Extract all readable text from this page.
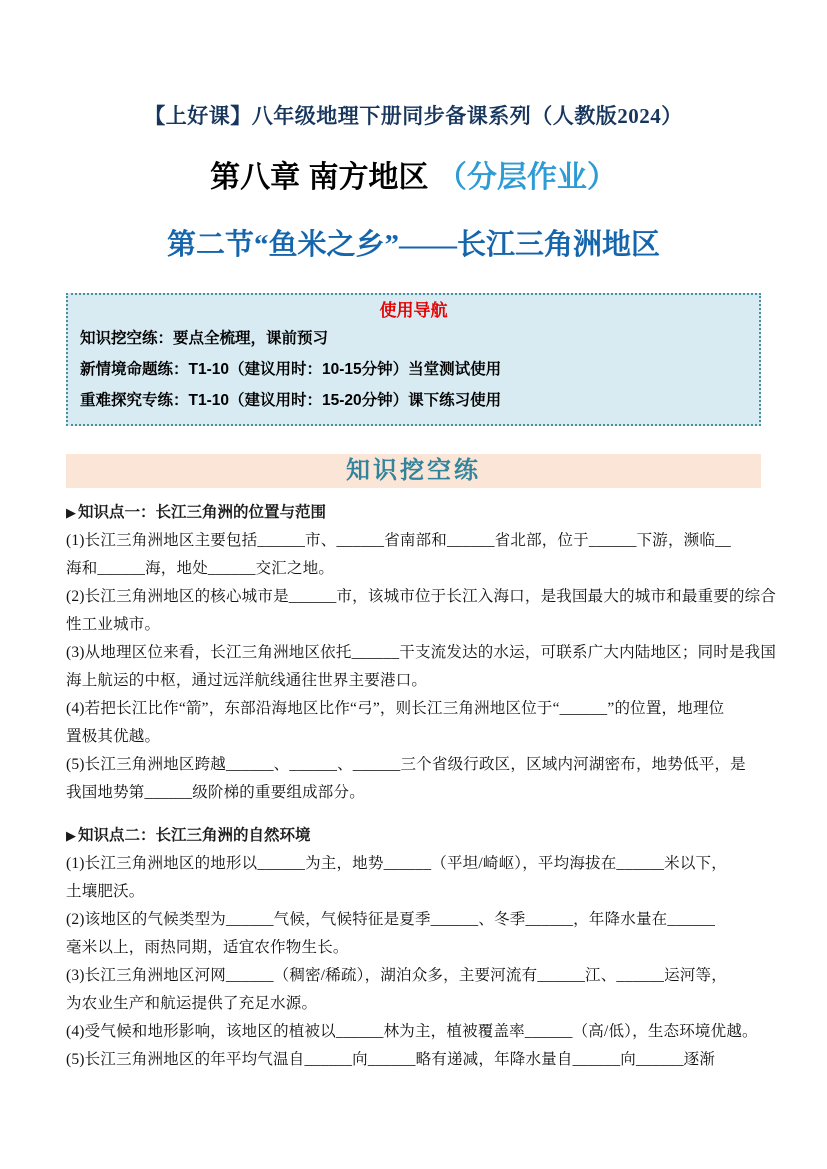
【上好课】八年级地理下册同步备课系列（人教版2024）
第八章 南方地区 （分层作业）
第二节“鱼米之乡”——长江三角洲地区
使用导航
知识挖空练：要点全梳理，课前预习
新情境命题练：T1-10（建议用时：10-15分钟）当堂测试使用
重难探究专练：T1-10（建议用时：15-20分钟）课下练习使用
知识挖空练
▶ 知识点一：长江三角洲的位置与范围
(1)长江三角洲地区主要包括______市、______省南部和______省北部，位于______下游，濒临__
海和______海，地处______交汇之地。
(2)长江三角洲地区的核心城市是______市，该城市位于长江入海口，是我国最大的城市和最重要的综合
性工业城市。
(3)从地理区位来看，长江三角洲地区依托______干支流发达的水运，可联系广大内陆地区；同时是我国
海上航运的中枢，通过远洋航线通往世界主要港口。
(4)若把长江比作“箭”，东部沿海地区比作“弓”，则长江三角洲地区位于“______”的位置，地理位
置极其优越。
(5)长江三角洲地区跨越______、______、______三个省级行政区，区域内河湖密布，地势低平，是
我国地势第______级阶梯的重要组成部分。
▶ 知识点二：长江三角洲的自然环境
(1)长江三角洲地区的地形以______为主，地势______（平坦/崎岖），平均海拔在______米以下，
土壤肥沃。
(2)该地区的气候类型为______气候，气候特征是夏季______、冬季______，年降水量在______
毫米以上，雨热同期，适宜农作物生长。
(3)长江三角洲地区河网______（稠密/稀疏），湖泊众多，主要河流有______江、______运河等，
为农业生产和航运提供了充足水源。
(4)受气候和地形影响，该地区的植被以______林为主，植被覆盖率______（高/低），生态环境优越。
(5)长江三角洲地区的年平均气温自______向______略有递减，年降水量自______向______逐渐
